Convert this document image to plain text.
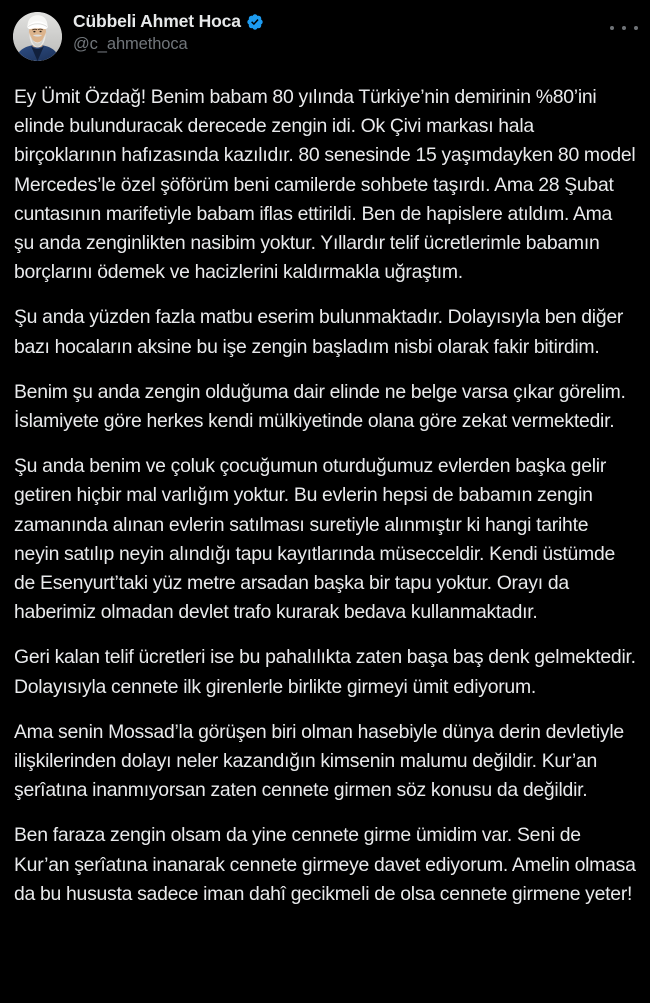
Cübbeli Ahmet Hoca
@c_ahmethoca

Ey Ümit Özdağ! Benim babam 80 yılında Türkiye’nin demirinin %80’ini elinde bulunduracak derecede zengin idi. Ok Çivi markası hala birçoklarının hafızasında kazılıdır. 80 senesinde 15 yaşımdayken 80 model Mercedes’le özel şöförüm beni camilerde sohbete taşırdı. Ama 28 Şubat cuntasının marifetiyle babam iflas ettirildi. Ben de hapislere atıldım. Ama şu anda zenginlikten nasibim yoktur. Yıllardır telif ücretlerimle babamın borçlarını ödemek ve hacizlerini kaldırmakla uğraştım.

Şu anda yüzden fazla matbu eserim bulunmaktadır. Dolayısıyla ben diğer bazı hocaların aksine bu işe zengin başladım nisbi olarak fakir bitirdim.

Benim şu anda zengin olduğuma dair elinde ne belge varsa çıkar görelim. İslamiyete göre herkes kendi mülkiyetinde olana göre zekat vermektedir.

Şu anda benim ve çoluk çocuğumun oturduğumuz evlerden başka gelir getiren hiçbir mal varlığım yoktur. Bu evlerin hepsi de babamın zengin zamanında alınan evlerin satılması suretiyle alınmıştır ki hangi tarihte neyin satılıp neyin alındığı tapu kayıtlarında müsecceldir. Kendi üstümde de Esenyurt’taki yüz metre arsadan başka bir tapu yoktur. Orayı da haberimiz olmadan devlet trafo kurarak bedava kullanmaktadır.

Geri kalan telif ücretleri ise bu pahalılıkta zaten başa baş denk gelmektedir. Dolayısıyla cennete ilk girenlerle birlikte girmeyi ümit ediyorum.

Ama senin Mossad’la görüşen biri olman hasebiyle dünya derin devletiyle ilişkilerinden dolayı neler kazandığın kimsenin malumu değildir. Kur’an şerîatına inanmıyorsan zaten cennete girmen söz konusu da değildir.

Ben faraza zengin olsam da yine cennete girme ümidim var. Seni de Kur’an şerîatına inanarak cennete girmeye davet ediyorum. Amelin olmasa da bu hususta sadece iman dahî gecikmeli de olsa cennete girmene yeter!
